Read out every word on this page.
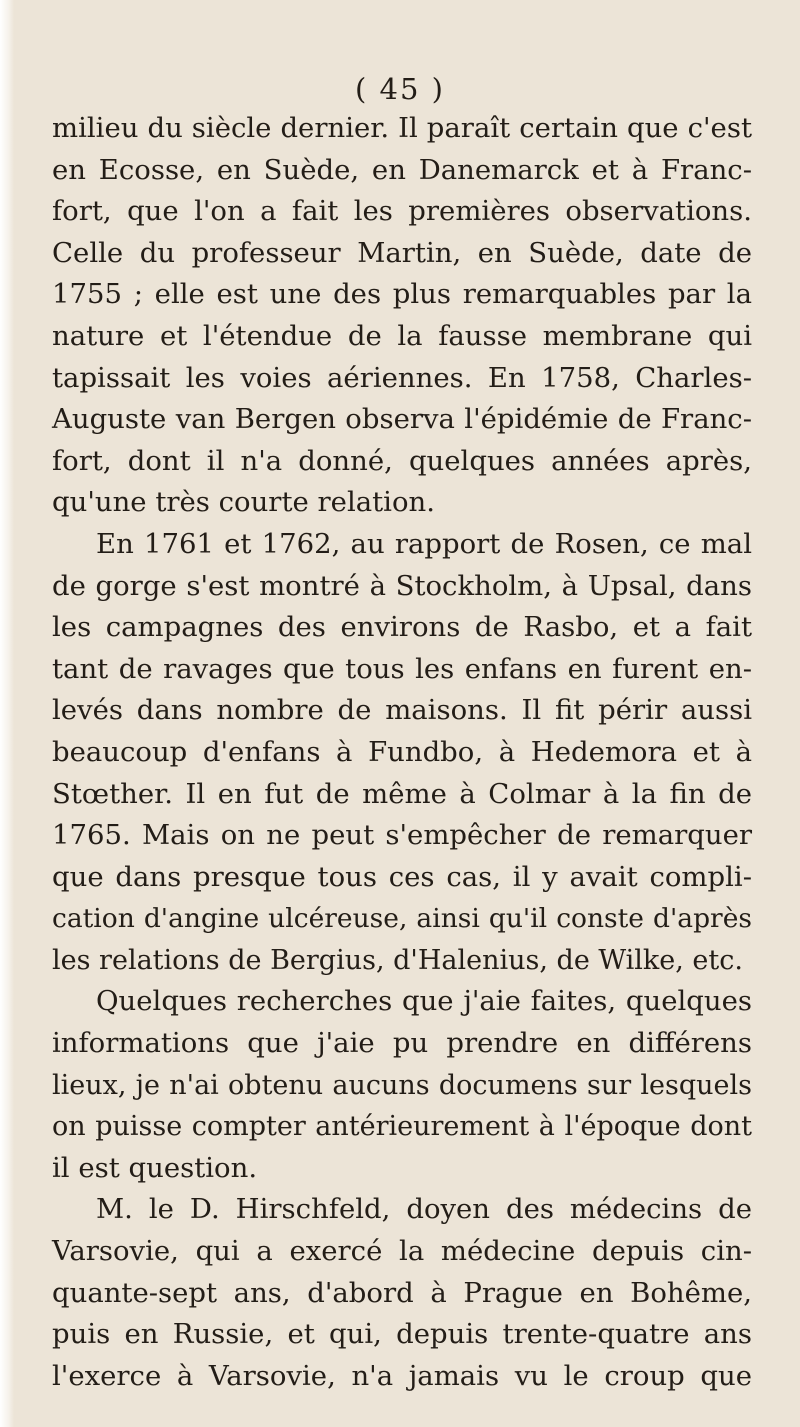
( 45 )
milieu du siècle dernier. Il paraît certain que c'est
en Ecosse, en Suède, en Danemarck et à Franc-
fort, que l'on a fait les premières observations.
Celle du professeur Martin, en Suède, date de
1755 ; elle est une des plus remarquables par la
nature et l'étendue de la fausse membrane qui
tapissait les voies aériennes. En 1758, Charles-
Auguste van Bergen observa l'épidémie de Franc-
fort, dont il n'a donné, quelques années après,
qu'une très courte relation.
En 1761 et 1762, au rapport de Rosen, ce mal
de gorge s'est montré à Stockholm, à Upsal, dans
les campagnes des environs de Rasbo, et a fait
tant de ravages que tous les enfans en furent en-
levés dans nombre de maisons. Il fit périr aussi
beaucoup d'enfans à Fundbo, à Hedemora et à
Stœther. Il en fut de même à Colmar à la fin de
1765. Mais on ne peut s'empêcher de remarquer
que dans presque tous ces cas, il y avait compli-
cation d'angine ulcéreuse, ainsi qu'il conste d'après
les relations de Bergius, d'Halenius, de Wilke, etc.
Quelques recherches que j'aie faites, quelques
informations que j'aie pu prendre en différens
lieux, je n'ai obtenu aucuns documens sur lesquels
on puisse compter antérieurement à l'époque dont
il est question.
M. le D. Hirschfeld, doyen des médecins de
Varsovie, qui a exercé la médecine depuis cin-
quante-sept ans, d'abord à Prague en Bohême,
puis en Russie, et qui, depuis trente-quatre ans
l'exerce à Varsovie, n'a jamais vu le croup que
